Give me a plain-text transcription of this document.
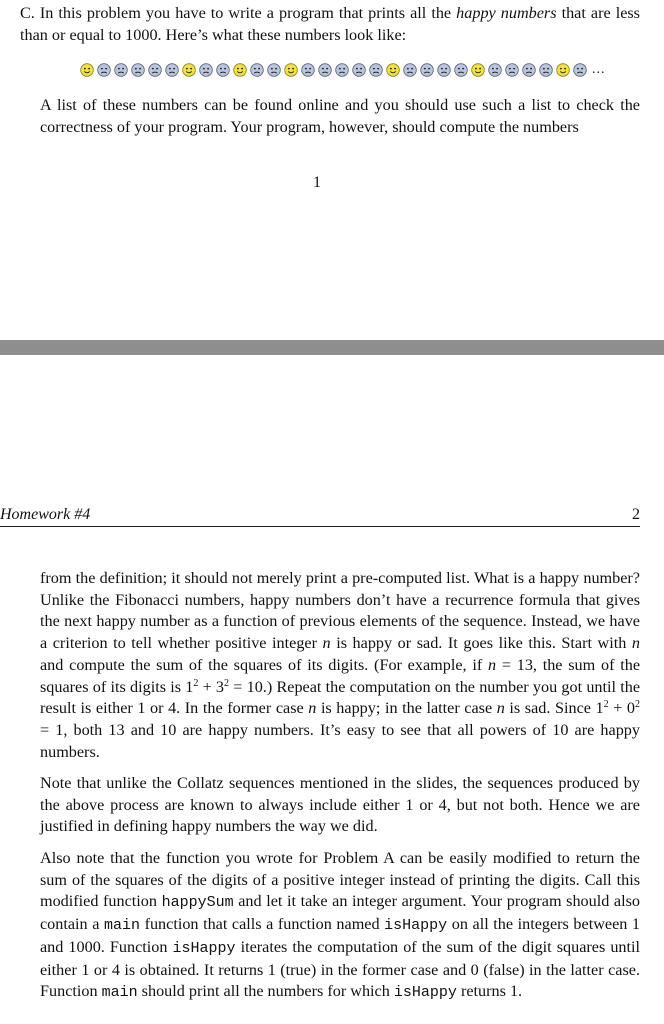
C. In this problem you have to write a program that prints all the happy numbers that are less than or equal to 1000. Here’s what these numbers look like:

...

A list of these numbers can be found online and you should use such a list to check the correctness of your program. Your program, however, should compute the numbers

1
Homework #4	2

from the definition; it should not merely print a pre-computed list. What is a happy number? Unlike the Fibonacci numbers, happy numbers don’t have a recurrence formula that gives the next happy number as a function of previous elements of the sequence. Instead, we have a criterion to tell whether positive integer n is happy or sad. It goes like this. Start with n and compute the sum of the squares of its digits. (For example, if n = 13, the sum of the squares of its digits is $1^2 + 3^2 = 10$.) Repeat the computation on the number you got until the result is either 1 or 4. In the former case n is happy; in the latter case n is sad. Since $1^2 + 0^2 = 1$, both 13 and 10 are happy numbers. It’s easy to see that all powers of 10 are happy numbers.

Note that unlike the Collatz sequences mentioned in the slides, the sequences produced by the above process are known to always include either 1 or 4, but not both. Hence we are justified in defining happy numbers the way we did.

Also note that the function you wrote for Problem A can be easily modified to return the sum of the squares of the digits of a positive integer instead of printing the digits. Call this modified function happySum and let it take an integer argument. Your program should also contain a main function that calls a function named isHappy on all the integers between 1 and 1000. Function isHappy iterates the computation of the sum of the digit squares until either 1 or 4 is obtained. It returns 1 (true) in the former case and 0 (false) in the latter case. Function main should print all the numbers for which isHappy returns 1.
